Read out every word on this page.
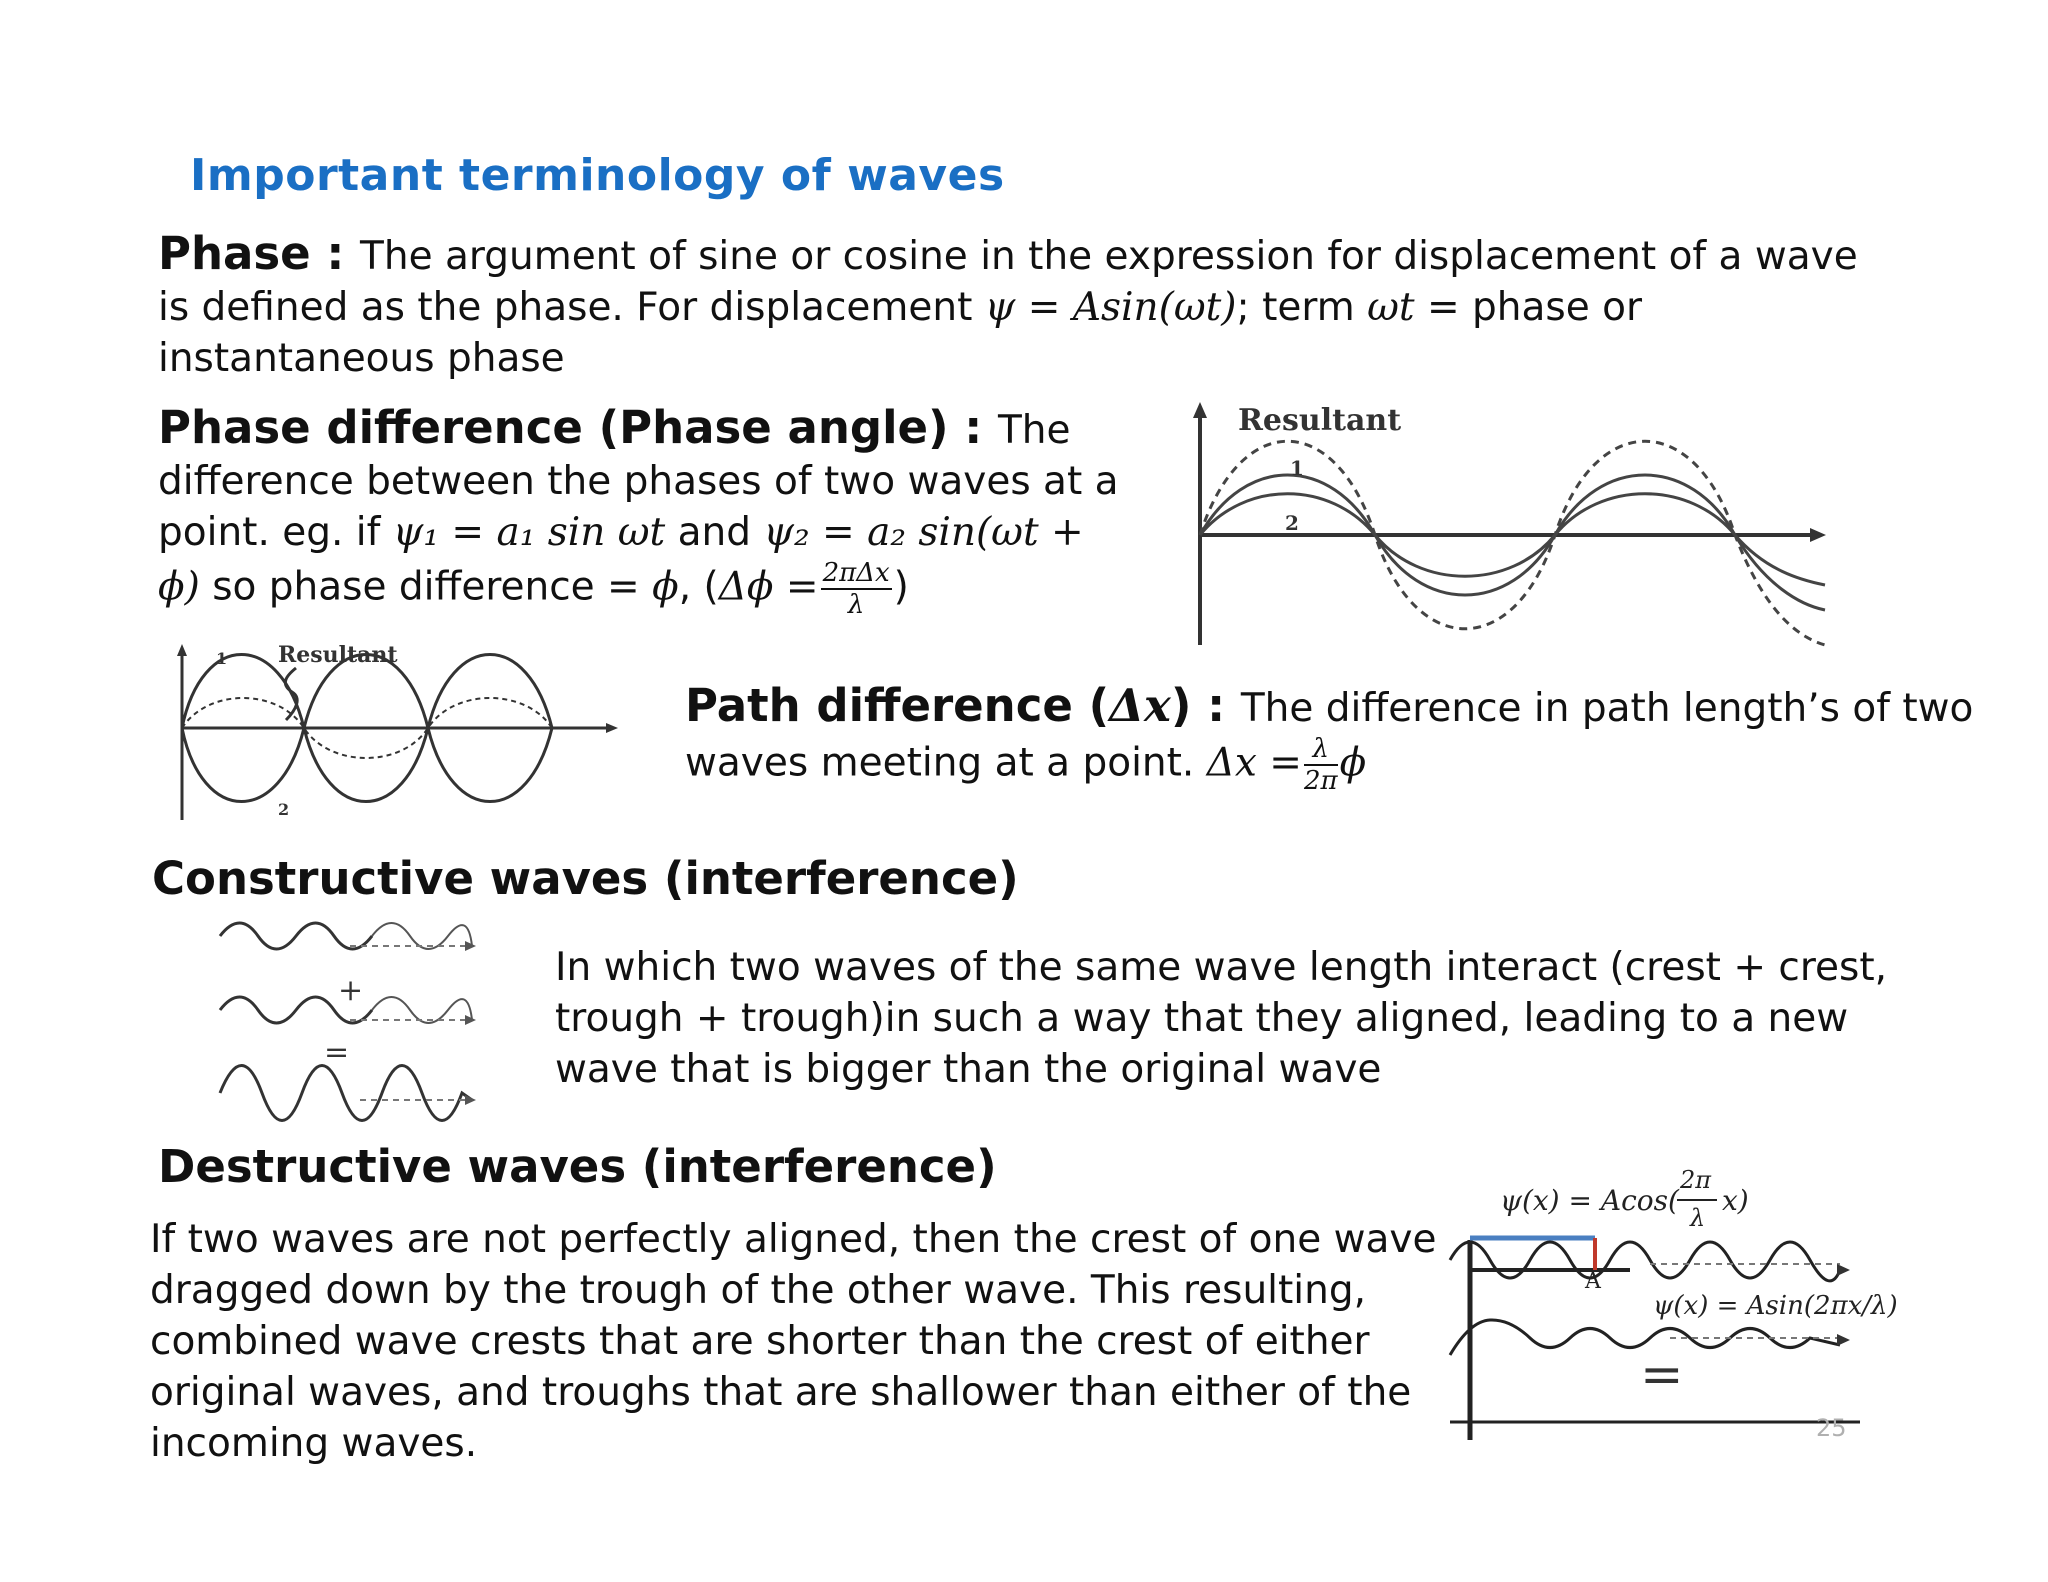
Important terminology of waves
Phase : The argument of sine or cosine in the expression for displacement of a wave is defined as the phase. For displacement ψ = Asin(ωt); term ωt = phase or instantaneous phase
Phase difference (Phase angle) : The difference between the phases of two waves at a point. eg. if ψ₁ = a₁ sin ωt and ψ₂ = a₂ sin(ωt + ϕ) so phase difference = ϕ, ($\Delta\phi = \frac{\text{2πΔx}}{\lambda}$ )
Resultant
1
2
Resultant
1
2
Path difference (Δx) : The difference in path length’s of two waves meeting at a point. $\Delta x = \frac{\lambda}{2\pi}$ ϕ
Constructive waves (interference)
+
=
In which two waves of the same wave length interact (crest + crest, trough + trough)in such a way that they aligned, leading to a new wave that is bigger than the original wave
Destructive waves (interference)
If two waves are not perfectly aligned, then the crest of one wave dragged down by the trough of the other wave. This resulting, combined wave crests that are shorter than the crest of either original waves, and troughs that are shallower than either of the incoming waves.
ψ(x) = Acos(
2π
λ
x)
A
ψ(x) = Asin(2πx/λ)
=
25
